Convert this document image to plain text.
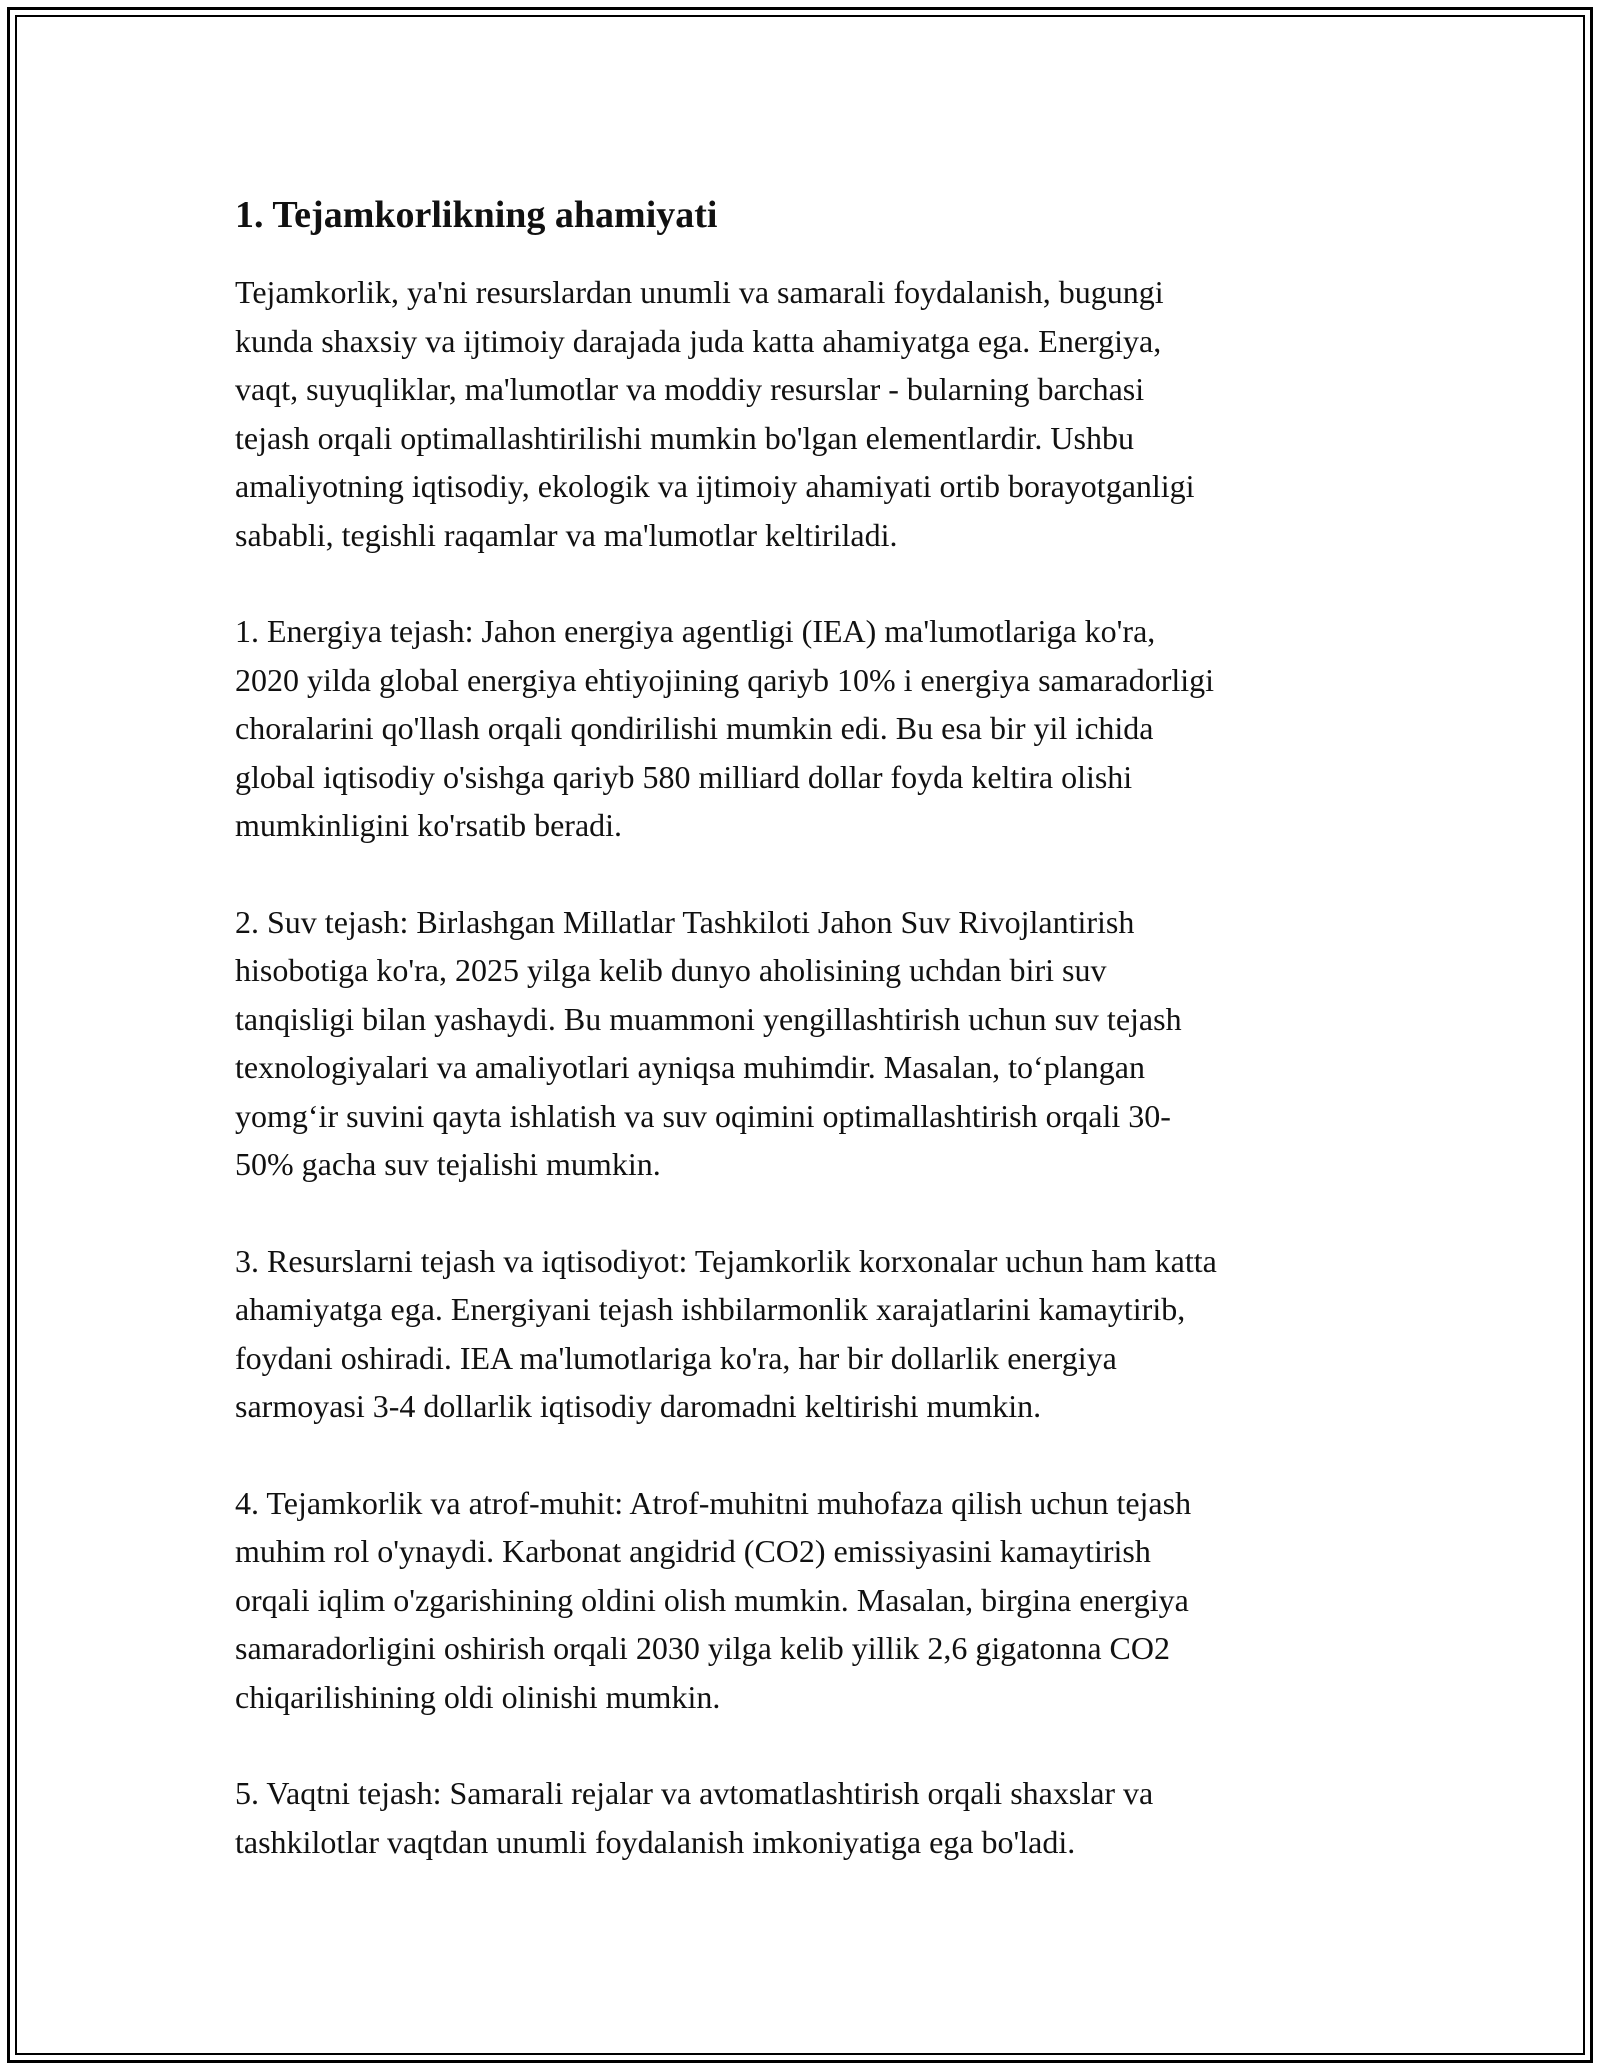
1. Tejamkorlikning ahamiyati

Tejamkorlik, ya'ni resurslardan unumli va samarali foydalanish, bugungi
kunda shaxsiy va ijtimoiy darajada juda katta ahamiyatga ega. Energiya,
vaqt, suyuqliklar, ma'lumotlar va moddiy resurslar - bularning barchasi
tejash orqali optimallashtirilishi mumkin bo'lgan elementlardir. Ushbu
amaliyotning iqtisodiy, ekologik va ijtimoiy ahamiyati ortib borayotganligi
sababli, tegishli raqamlar va ma'lumotlar keltiriladi.

1. Energiya tejash: Jahon energiya agentligi (IEA) ma'lumotlariga ko'ra,
2020 yilda global energiya ehtiyojining qariyb 10% i energiya samaradorligi
choralarini qo'llash orqali qondirilishi mumkin edi. Bu esa bir yil ichida
global iqtisodiy o'sishga qariyb 580 milliard dollar foyda keltira olishi
mumkinligini ko'rsatib beradi.

2. Suv tejash: Birlashgan Millatlar Tashkiloti Jahon Suv Rivojlantirish
hisobotiga ko'ra, 2025 yilga kelib dunyo aholisining uchdan biri suv
tanqisligi bilan yashaydi. Bu muammoni yengillashtirish uchun suv tejash
texnologiyalari va amaliyotlari ayniqsa muhimdir. Masalan, to‘plangan
yomg‘ir suvini qayta ishlatish va suv oqimini optimallashtirish orqali 30-
50% gacha suv tejalishi mumkin.

3. Resurslarni tejash va iqtisodiyot: Tejamkorlik korxonalar uchun ham katta
ahamiyatga ega. Energiyani tejash ishbilarmonlik xarajatlarini kamaytirib,
foydani oshiradi. IEA ma'lumotlariga ko'ra, har bir dollarlik energiya
sarmoyasi 3-4 dollarlik iqtisodiy daromadni keltirishi mumkin.

4. Tejamkorlik va atrof-muhit: Atrof-muhitni muhofaza qilish uchun tejash
muhim rol o'ynaydi. Karbonat angidrid (CO2) emissiyasini kamaytirish
orqali iqlim o'zgarishining oldini olish mumkin. Masalan, birgina energiya
samaradorligini oshirish orqali 2030 yilga kelib yillik 2,6 gigatonna CO2
chiqarilishining oldi olinishi mumkin.

5. Vaqtni tejash: Samarali rejalar va avtomatlashtirish orqali shaxslar va
tashkilotlar vaqtdan unumli foydalanish imkoniyatiga ega bo'ladi.
